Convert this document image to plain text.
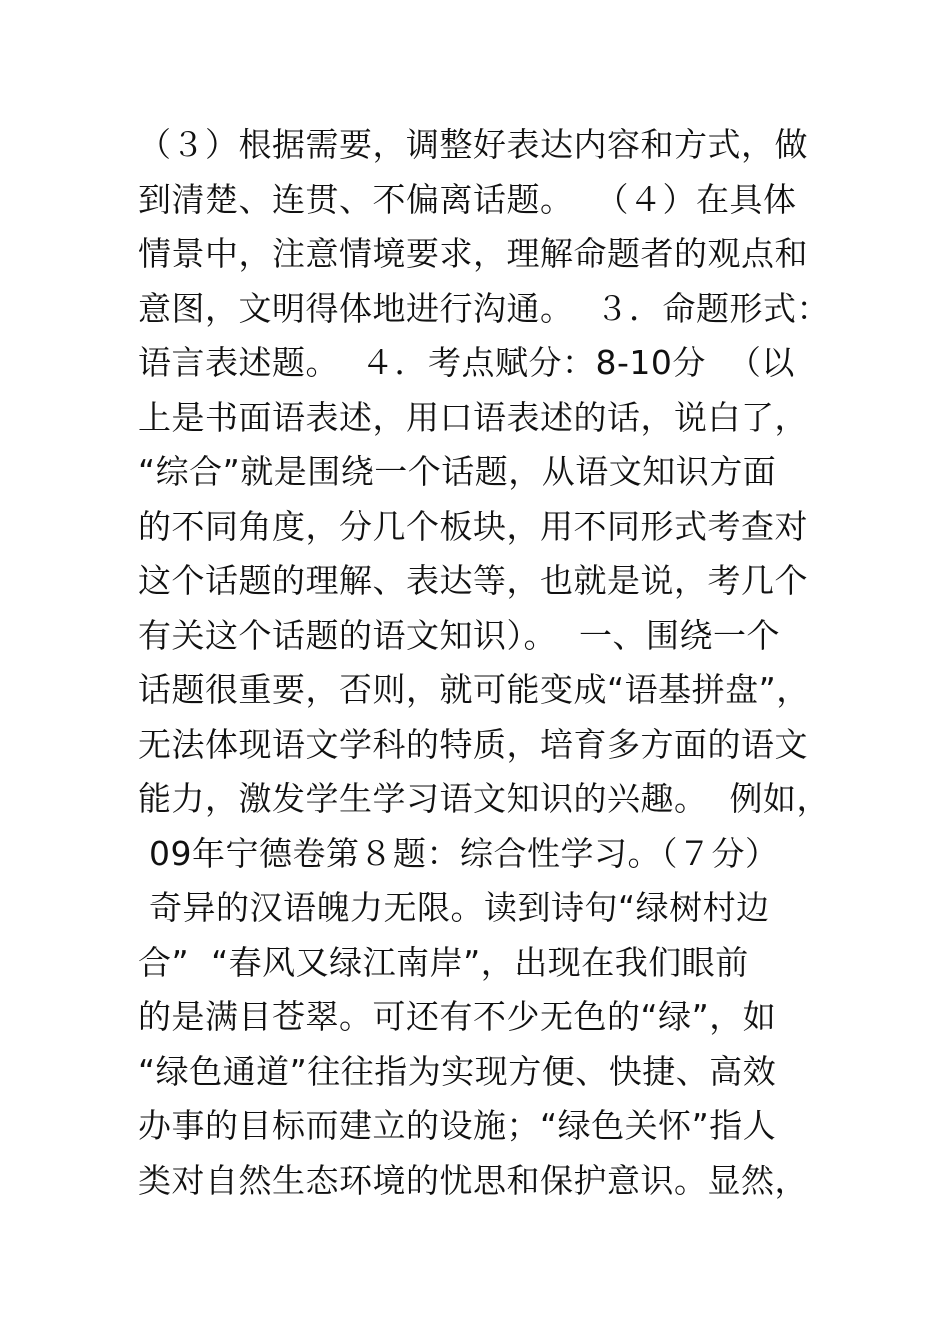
（３）根据需要，调整好表达内容和方式，做
到清楚、连贯、不偏离话题。  （４）在具体
情景中，注意情境要求，理解命题者的观点和
意图，文明得体地进行沟通。  ３．命题形式：
语言表述题。  ４．考点赋分：8-10分  （以
上是书面语表述，用口语表述的话，说白了，
“综合”就是围绕一个话题，从语文知识方面
的不同角度，分几个板块，用不同形式考查对
这个话题的理解、表达等，也就是说，考几个
有关这个话题的语文知识）。  一、围绕一个
话题很重要，否则，就可能变成“语基拼盘”，
无法体现语文学科的特质，培育多方面的语文
能力，激发学生学习语文知识的兴趣。  例如，
09年宁德卷第８题：综合性学习。（７分）
奇异的汉语魄力无限。读到诗句“绿树村边
合”  “春风又绿江南岸”，出现在我们眼前
的是满目苍翠。可还有不少无色的“绿”，如
“绿色通道”往往指为实现方便、快捷、高效
办事的目标而建立的设施；“绿色关怀”指人
类对自然生态环境的忧思和保护意识。显然，
